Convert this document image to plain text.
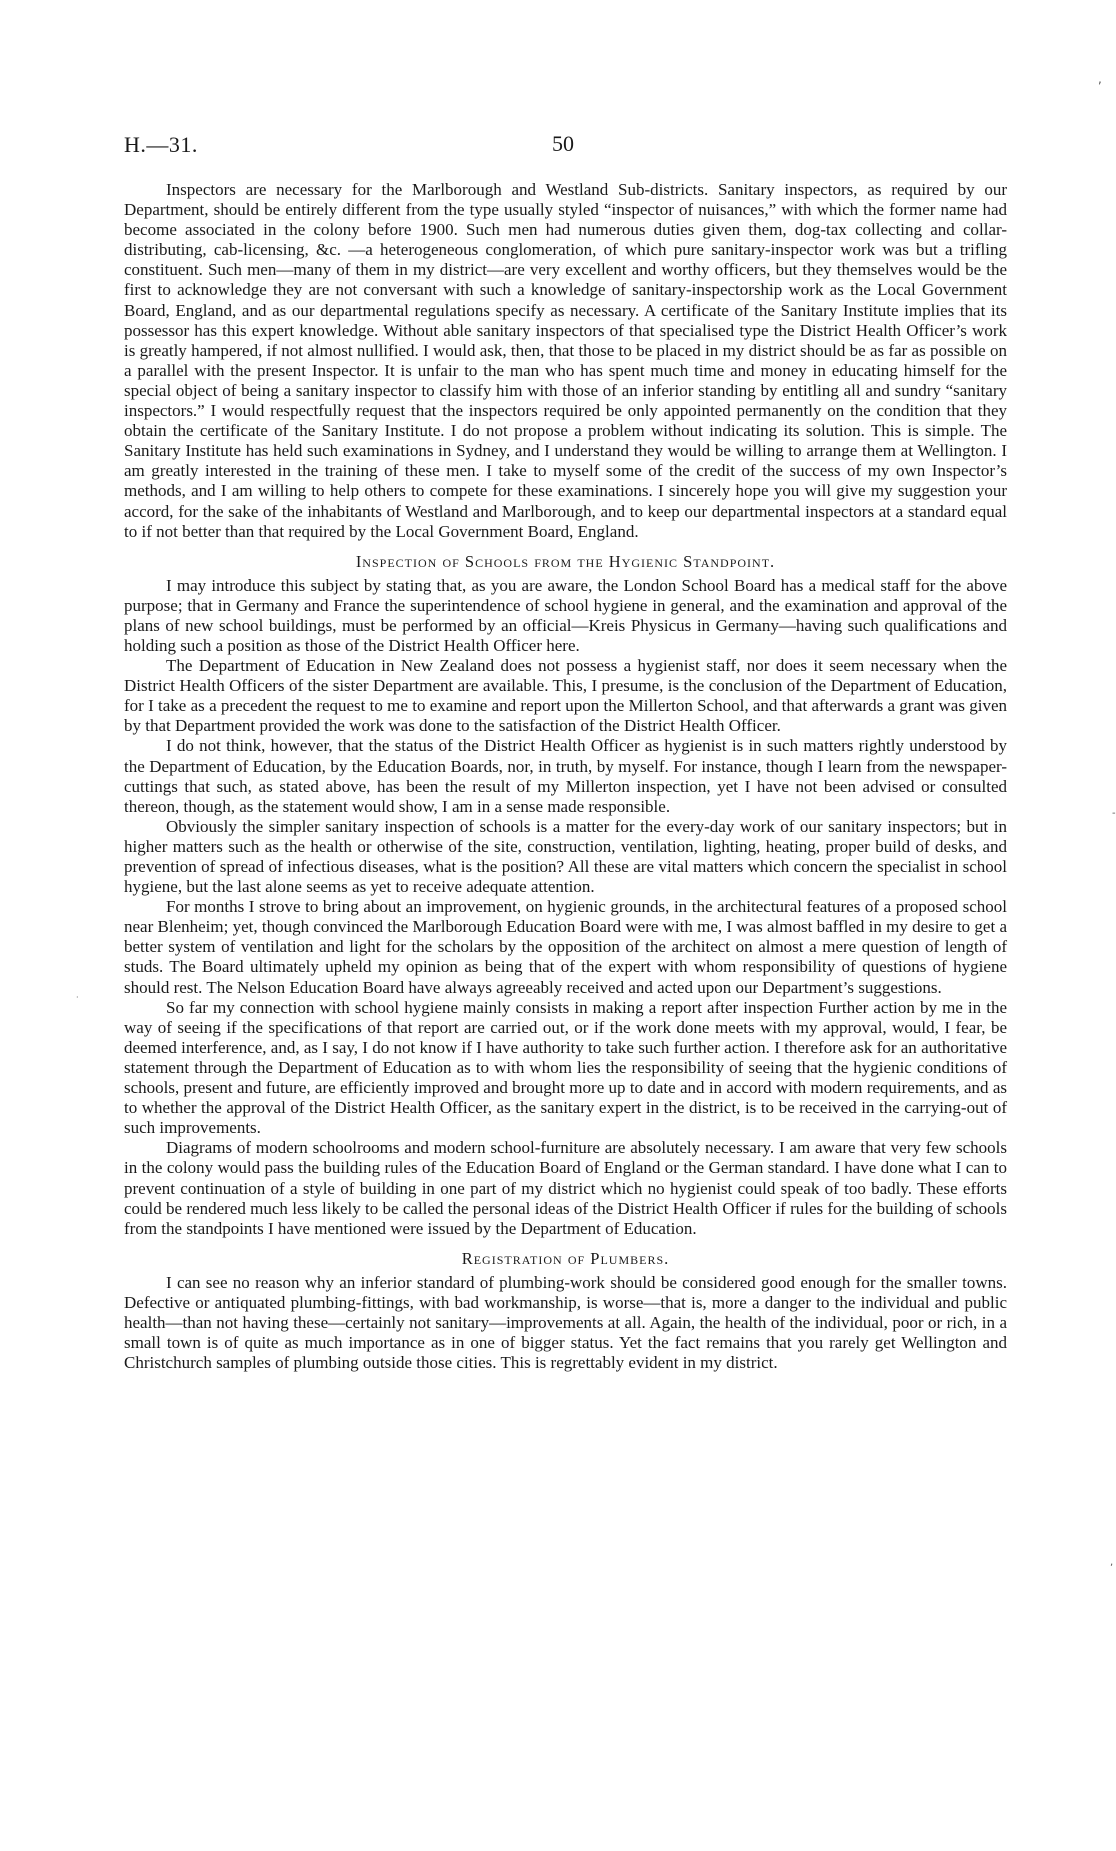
H.—31.	50
,
-
·
,

Inspectors are necessary for the Marlborough and Westland Sub-districts. Sanitary inspectors, as required by our Department, should be entirely different from the type usually styled “inspector of nuisances,” with which the former name had become associated in the colony before 1900. Such men had numerous duties given them, dog-tax collecting and collar-distributing, cab-licensing, &c. —a heterogeneous conglomeration, of which pure sanitary-inspector work was but a trifling constituent. Such men—many of them in my district—are very excellent and worthy officers, but they themselves would be the first to acknowledge they are not conversant with such a knowledge of sanitary-inspectorship work as the Local Government Board, England, and as our departmental regulations specify as necessary. A certificate of the Sanitary Institute implies that its possessor has this expert knowledge. Without able sanitary inspectors of that specialised type the District Health Officer’s work is greatly hampered, if not almost nullified. I would ask, then, that those to be placed in my district should be as far as possible on a parallel with the present Inspector. It is unfair to the man who has spent much time and money in educating himself for the special object of being a sanitary inspector to classify him with those of an inferior standing by entitling all and sundry “sanitary inspectors.” I would respectfully request that the inspectors required be only appointed permanently on the condition that they obtain the certificate of the Sanitary Institute. I do not propose a problem without indicating its solution. This is simple. The Sanitary Institute has held such examinations in Sydney, and I understand they would be willing to arrange them at Wellington. I am greatly interested in the training of these men. I take to myself some of the credit of the success of my own Inspector’s methods, and I am willing to help others to compete for these examinations. I sincerely hope you will give my suggestion your accord, for the sake of the inhabitants of Westland and Marlborough, and to keep our departmental inspectors at a standard equal to if not better than that required by the Local Government Board, England.

Inspection of Schools from the Hygienic Standpoint.

I may introduce this subject by stating that, as you are aware, the London School Board has a medical staff for the above purpose; that in Germany and France the superintendence of school hygiene in general, and the examination and approval of the plans of new school buildings, must be performed by an official—Kreis Physicus in Germany—having such qualifications and holding such a position as those of the District Health Officer here.

The Department of Education in New Zealand does not possess a hygienist staff, nor does it seem necessary when the District Health Officers of the sister Department are available. This, I presume, is the conclusion of the Department of Education, for I take as a precedent the request to me to examine and report upon the Millerton School, and that afterwards a grant was given by that Department provided the work was done to the satisfaction of the District Health Officer.

I do not think, however, that the status of the District Health Officer as hygienist is in such matters rightly understood by the Department of Education, by the Education Boards, nor, in truth, by myself. For instance, though I learn from the newspaper-cuttings that such, as stated above, has been the result of my Millerton inspection, yet I have not been advised or consulted thereon, though, as the statement would show, I am in a sense made responsible.

Obviously the simpler sanitary inspection of schools is a matter for the every-day work of our sanitary inspectors; but in higher matters such as the health or otherwise of the site, construction, ventilation, lighting, heating, proper build of desks, and prevention of spread of infectious diseases, what is the position? All these are vital matters which concern the specialist in school hygiene, but the last alone seems as yet to receive adequate attention.

For months I strove to bring about an improvement, on hygienic grounds, in the architectural features of a proposed school near Blenheim; yet, though convinced the Marlborough Education Board were with me, I was almost baffled in my desire to get a better system of ventilation and light for the scholars by the opposition of the architect on almost a mere question of length of studs. The Board ultimately upheld my opinion as being that of the expert with whom responsibility of questions of hygiene should rest. The Nelson Education Board have always agreeably received and acted upon our Department’s suggestions.

So far my connection with school hygiene mainly consists in making a report after inspection Further action by me in the way of seeing if the specifications of that report are carried out, or if the work done meets with my approval, would, I fear, be deemed interference, and, as I say, I do not know if I have authority to take such further action. I therefore ask for an authoritative statement through the Department of Education as to with whom lies the responsibility of seeing that the hygienic conditions of schools, present and future, are efficiently improved and brought more up to date and in accord with modern requirements, and as to whether the approval of the District Health Officer, as the sanitary expert in the district, is to be received in the carrying-out of such improvements.

Diagrams of modern schoolrooms and modern school-furniture are absolutely necessary. I am aware that very few schools in the colony would pass the building rules of the Education Board of England or the German standard. I have done what I can to prevent continuation of a style of building in one part of my district which no hygienist could speak of too badly. These efforts could be rendered much less likely to be called the personal ideas of the District Health Officer if rules for the building of schools from the standpoints I have mentioned were issued by the Department of Education.

Registration of Plumbers.

I can see no reason why an inferior standard of plumbing-work should be considered good enough for the smaller towns. Defective or antiquated plumbing-fittings, with bad workmanship, is worse—that is, more a danger to the individual and public health—than not having these—certainly not sanitary—improvements at all. Again, the health of the individual, poor or rich, in a small town is of quite as much importance as in one of bigger status. Yet the fact remains that you rarely get Wellington and Christchurch samples of plumbing outside those cities. This is regrettably evident in my district.
